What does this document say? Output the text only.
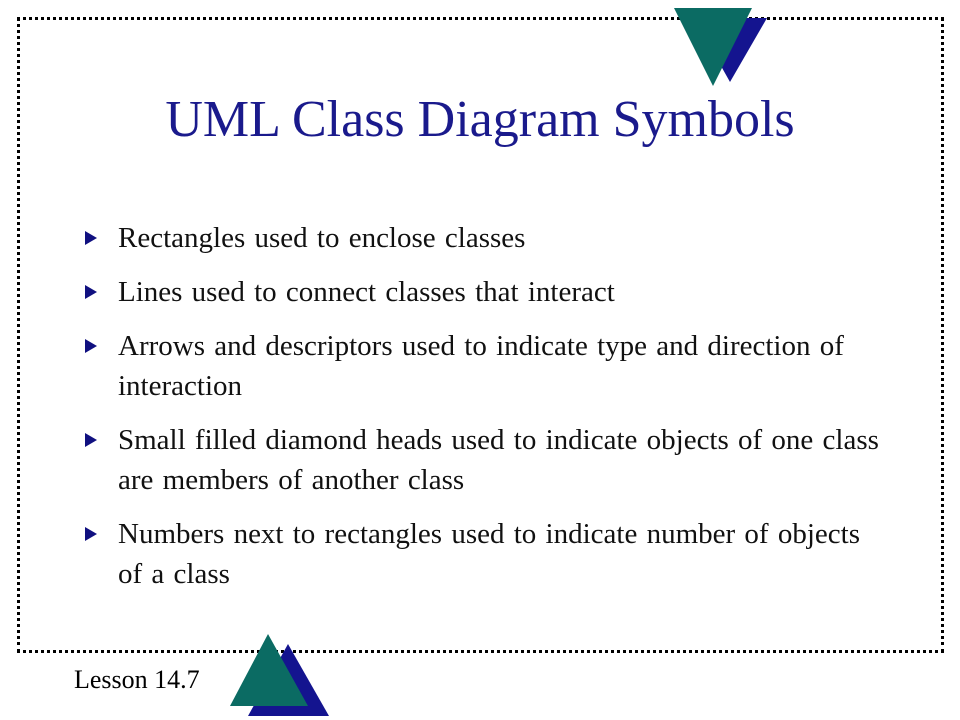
UML Class Diagram Symbols
Rectangles used to enclose classes
Lines used to connect classes that interact
Arrows and descriptors used to indicate type and direction of interaction
Small filled diamond heads used to indicate objects of one class are members of another class
Numbers next to rectangles used to indicate number of objects of a class
Lesson 14.7
